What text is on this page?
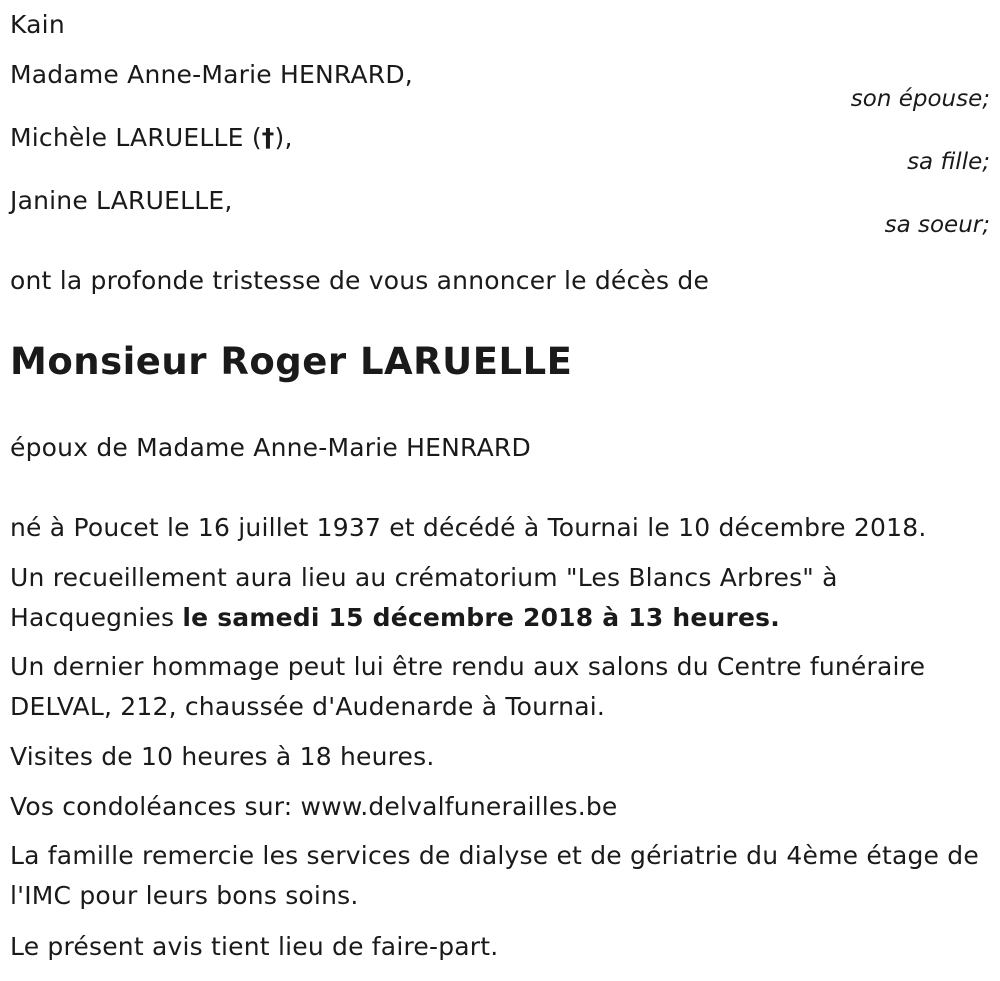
Kain
Madame Anne-Marie HENRARD,
son épouse;
Michèle LARUELLE (†),
sa fille;
Janine LARUELLE,
sa soeur;
ont la profonde tristesse de vous annoncer le décès de
Monsieur Roger LARUELLE
époux de Madame Anne-Marie HENRARD
né à Poucet le 16 juillet 1937 et décédé à Tournai le 10 décembre 2018.
Un recueillement aura lieu au crématorium "Les Blancs Arbres" à Hacquegnies le samedi 15 décembre 2018 à 13 heures.
Un dernier hommage peut lui être rendu aux salons du Centre funéraire DELVAL, 212, chaussée d'Audenarde à Tournai.
Visites de 10 heures à 18 heures.
Vos condoléances sur: www.delvalfunerailles.be
La famille remercie les services de dialyse et de gériatrie du 4ème étage de l'IMC pour leurs bons soins.
Le présent avis tient lieu de faire-part.
